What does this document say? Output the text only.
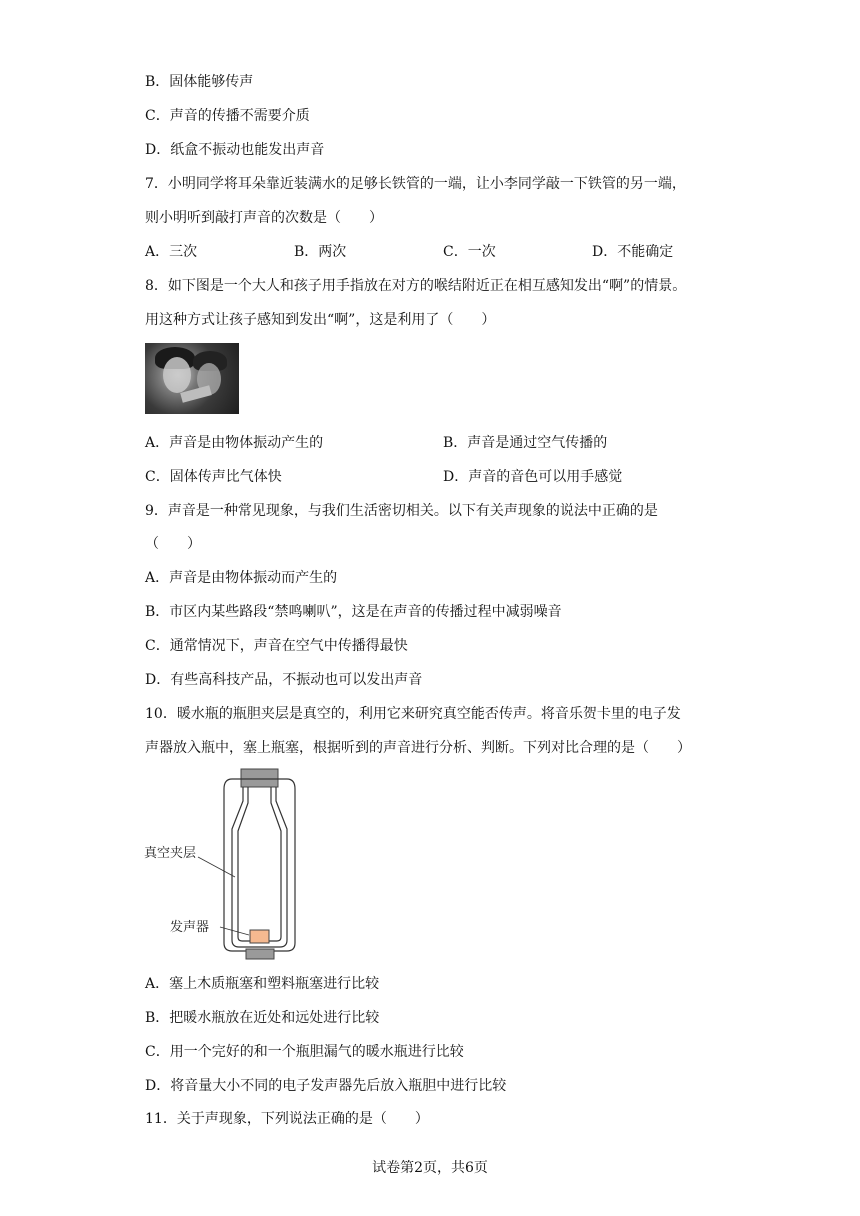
B．固体能够传声
C．声音的传播不需要介质
D．纸盒不振动也能发出声音
7．小明同学将耳朵靠近装满水的足够长铁管的一端，让小李同学敲一下铁管的另一端，
则小明听到敲打声音的次数是（　　）
A．三次	B．两次	C．一次	D．不能确定
8．如下图是一个大人和孩子用手指放在对方的喉结附近正在相互感知发出“啊”的情景。
用这种方式让孩子感知到发出“啊”，这是利用了（　　）
A．声音是由物体振动产生的	B．声音是通过空气传播的
C．固体传声比气体快	D．声音的音色可以用手感觉
9．声音是一种常见现象，与我们生活密切相关。以下有关声现象的说法中正确的是
（　　）
A．声音是由物体振动而产生的
B．市区内某些路段“禁鸣喇叭”，这是在声音的传播过程中减弱噪音
C．通常情况下，声音在空气中传播得最快
D．有些高科技产品，不振动也可以发出声音
10．暖水瓶的瓶胆夹层是真空的，利用它来研究真空能否传声。将音乐贺卡里的电子发
声器放入瓶中，塞上瓶塞，根据听到的声音进行分析、判断。下列对比合理的是（　　）
真空夹层
发声器
A．塞上木质瓶塞和塑料瓶塞进行比较
B．把暖水瓶放在近处和远处进行比较
C．用一个完好的和一个瓶胆漏气的暖水瓶进行比较
D．将音量大小不同的电子发声器先后放入瓶胆中进行比较
11．关于声现象，下列说法正确的是（　　）
试卷第2页，共6页
